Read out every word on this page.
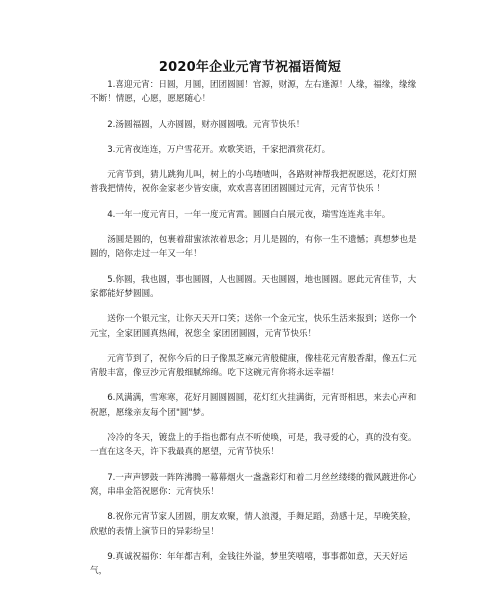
2020年企业元宵节祝福语简短

1.喜迎元宵：日圆，月圆，团团圆圆！官源，财源，左右逢源！人缘，福缘，缘缘不断！情愿，心愿，愿愿随心！

2.汤圆福圆，人亦圆圆，财亦圆圆哦。元宵节快乐！

3.元宵夜连连，万户雪花开。欢歌笑语，千家把酒赏花灯。

元宵节到，猜儿跳狗儿叫，树上的小鸟喳喳叫，各路财神帮我把祝愿送，花灯灯照普我把情传，祝你金家老少皆安康，欢欢喜喜团团圆圆过元宵，元宵节快乐 ！

4.一年一度元宵日，一年一度元宵霄。圆圆白白展元夜，瑞雪连连兆丰年。

汤圆是圆的，包裹着甜蜜浓浓着思念；月儿是圆的，有你一生不遗憾；真想梦也是圆的，陪你走过一年又一年！

5.你圆，我也圆，事也圆圆，人也圆圆。天也圆圆，地也圆圆。愿此元宵佳节，大家都能好梦圆圆。

送你一个银元宝，让你天天开口笑；送你一个金元宝，快乐生活来报到；送你一个元宝，全家团圆真热闹，祝您全 家团团圆圆，元宵节快乐！

元宵节到了，祝你今后的日子像黑芝麻元宵般健康，像桂花元宵般香甜，像五仁元宵般丰富，像豆沙元宵般细腻绵绵。吃下这碗元宵你将永远幸福！

6.风满满，雪寒寒，花好月圆圆圆圆，花灯红火挂满街，元宵哥相思，来去心声和祝愿，愿缘亲友每个团"圆"梦。

冷冷的冬天，镀盘上的手指也都有点不听使唤，可是，我寻爱的心，真的没有变。一直在这冬天，许下我最真的愿望，元宵节快乐！

7.一声声锣鼓一阵阵沸腾一幕幕烟火一盏盏彩灯和着二月丝丝缕缕的微风踱进你心窝，串串金箔祝愿你：元宵快乐！

8.祝你元宵节家人团圆，朋友欢聚，情人浪漫，手舞足蹈，劲感十足，早晚笑脸，欣慰的表情上演节日的异彩纷呈！

9.真诚祝福你：年年都吉利，金钱往外溢，梦里笑嘻嘻，事事都如意，天天好运气，
